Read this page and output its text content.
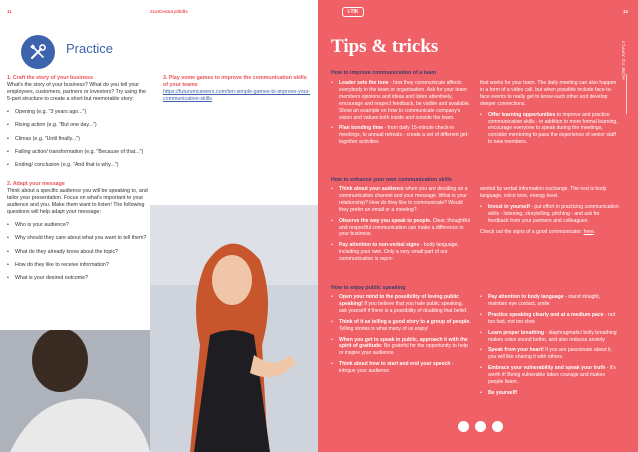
11	21stCenturySkills
Practice
1. Craft the story of your business
What's the story of your business? What do you tell your employees, customers, partners or investors? Try using the 5-part structure to create a short but memorable story:
• Opening (e.g. "3 years ago...")
• Rising action (e.g. "But one day...")
• Climax (e.g. "Until finally...")
• Falling action/ transformation (e.g. "Because of that...")
• Ending/ conclusion (e.g. "And that is why...")
2. Adapt your message
Think about a specific audience you will be speaking to, and tailor your presentation. Focus on what's important to your audience and you. Make them want to listen! The following questions will help adapt your message:
• Who is your audience?
• Why should they care about what you want to tell them?
• What do they already know about the topic?
• How do they like to receive information?
• What is your desired outcome?
3. Play some games to improve the communication skills of your teams
https://futurumcareers.com/ten-simple-games-to-improve-your-communication-skills
i‑TIK	12
HOW TO APPLY
Tips & tricks
How to improve communication of a team
• Leader sets the tone - how they communicate affects everybody in the team or organisation. Ask for your team members opinions and ideas and listen attentively, encourage and respect feedback, be visible and available. Show an example on how to communicate company's vision and values both inside and outside the team.
• Plan bonding time - from daily 15-minute check-in meetings, to annual retreats - create a set of different get-together activities
that works for your team. The daily meeting can also happen in a form of a video call, but when possible include face-to-face events to really get to know each other and develop deeper connections.
• Offer learning opportunities to improve and practice communication skills - in addition to more formal learning, encourage everyone to speak during the meetings, consider mentoring to pass the experience of senior staff to new members.
How to enhance your own communication skills
• Think about your audience when you are deciding on a communication channel and your message. What is your relationship? How do they like to communicate? Would they prefer an email or a meeting?
• Observe the way you speak to people. Clear, thoughtful and respectful communication can make a difference in your business.
• Pay attention to non-verbal signs - body language, including your own. Only a very small part of our communication is repre-
sented by verbal information exchange. The rest is body language, voice tone, energy level.
• Invest in yourself - put effort in practicing communication skills - listening, storytelling, pitching - and ask for feedback from your partners and colleagues.
Check out the signs of a good communicator: here.
How to enjoy public speaking
• Open your mind to the possibility of loving public speaking! If you believe that you hate public speaking, ask yourself if there is a possibility of doubting that belief.
• Think of it as telling a good story to a group of people. Telling stories is what many of us enjoy!
• When you get to speak in public, approach it with the spirit of gratitude: Be grateful for the opportunity to help or inspire your audience.
• Think about how to start and end your speech - intrigue your audience
• Pay attention to body language - stand straight, maintain eye contact, smile
• Practice speaking clearly and at a medium pace - not too fast, not too slow
• Learn proper breathing - diaphragmatic/ belly breathing makes voice sound better, and also reduces anxiety
• Speak from your heart! If you are passionate about it, you will like sharing it with others.
• Embrace your vulnerability and speak your truth - it's worth it! Being vulnerable takes courage and makes people listen.
• Be yourself!
